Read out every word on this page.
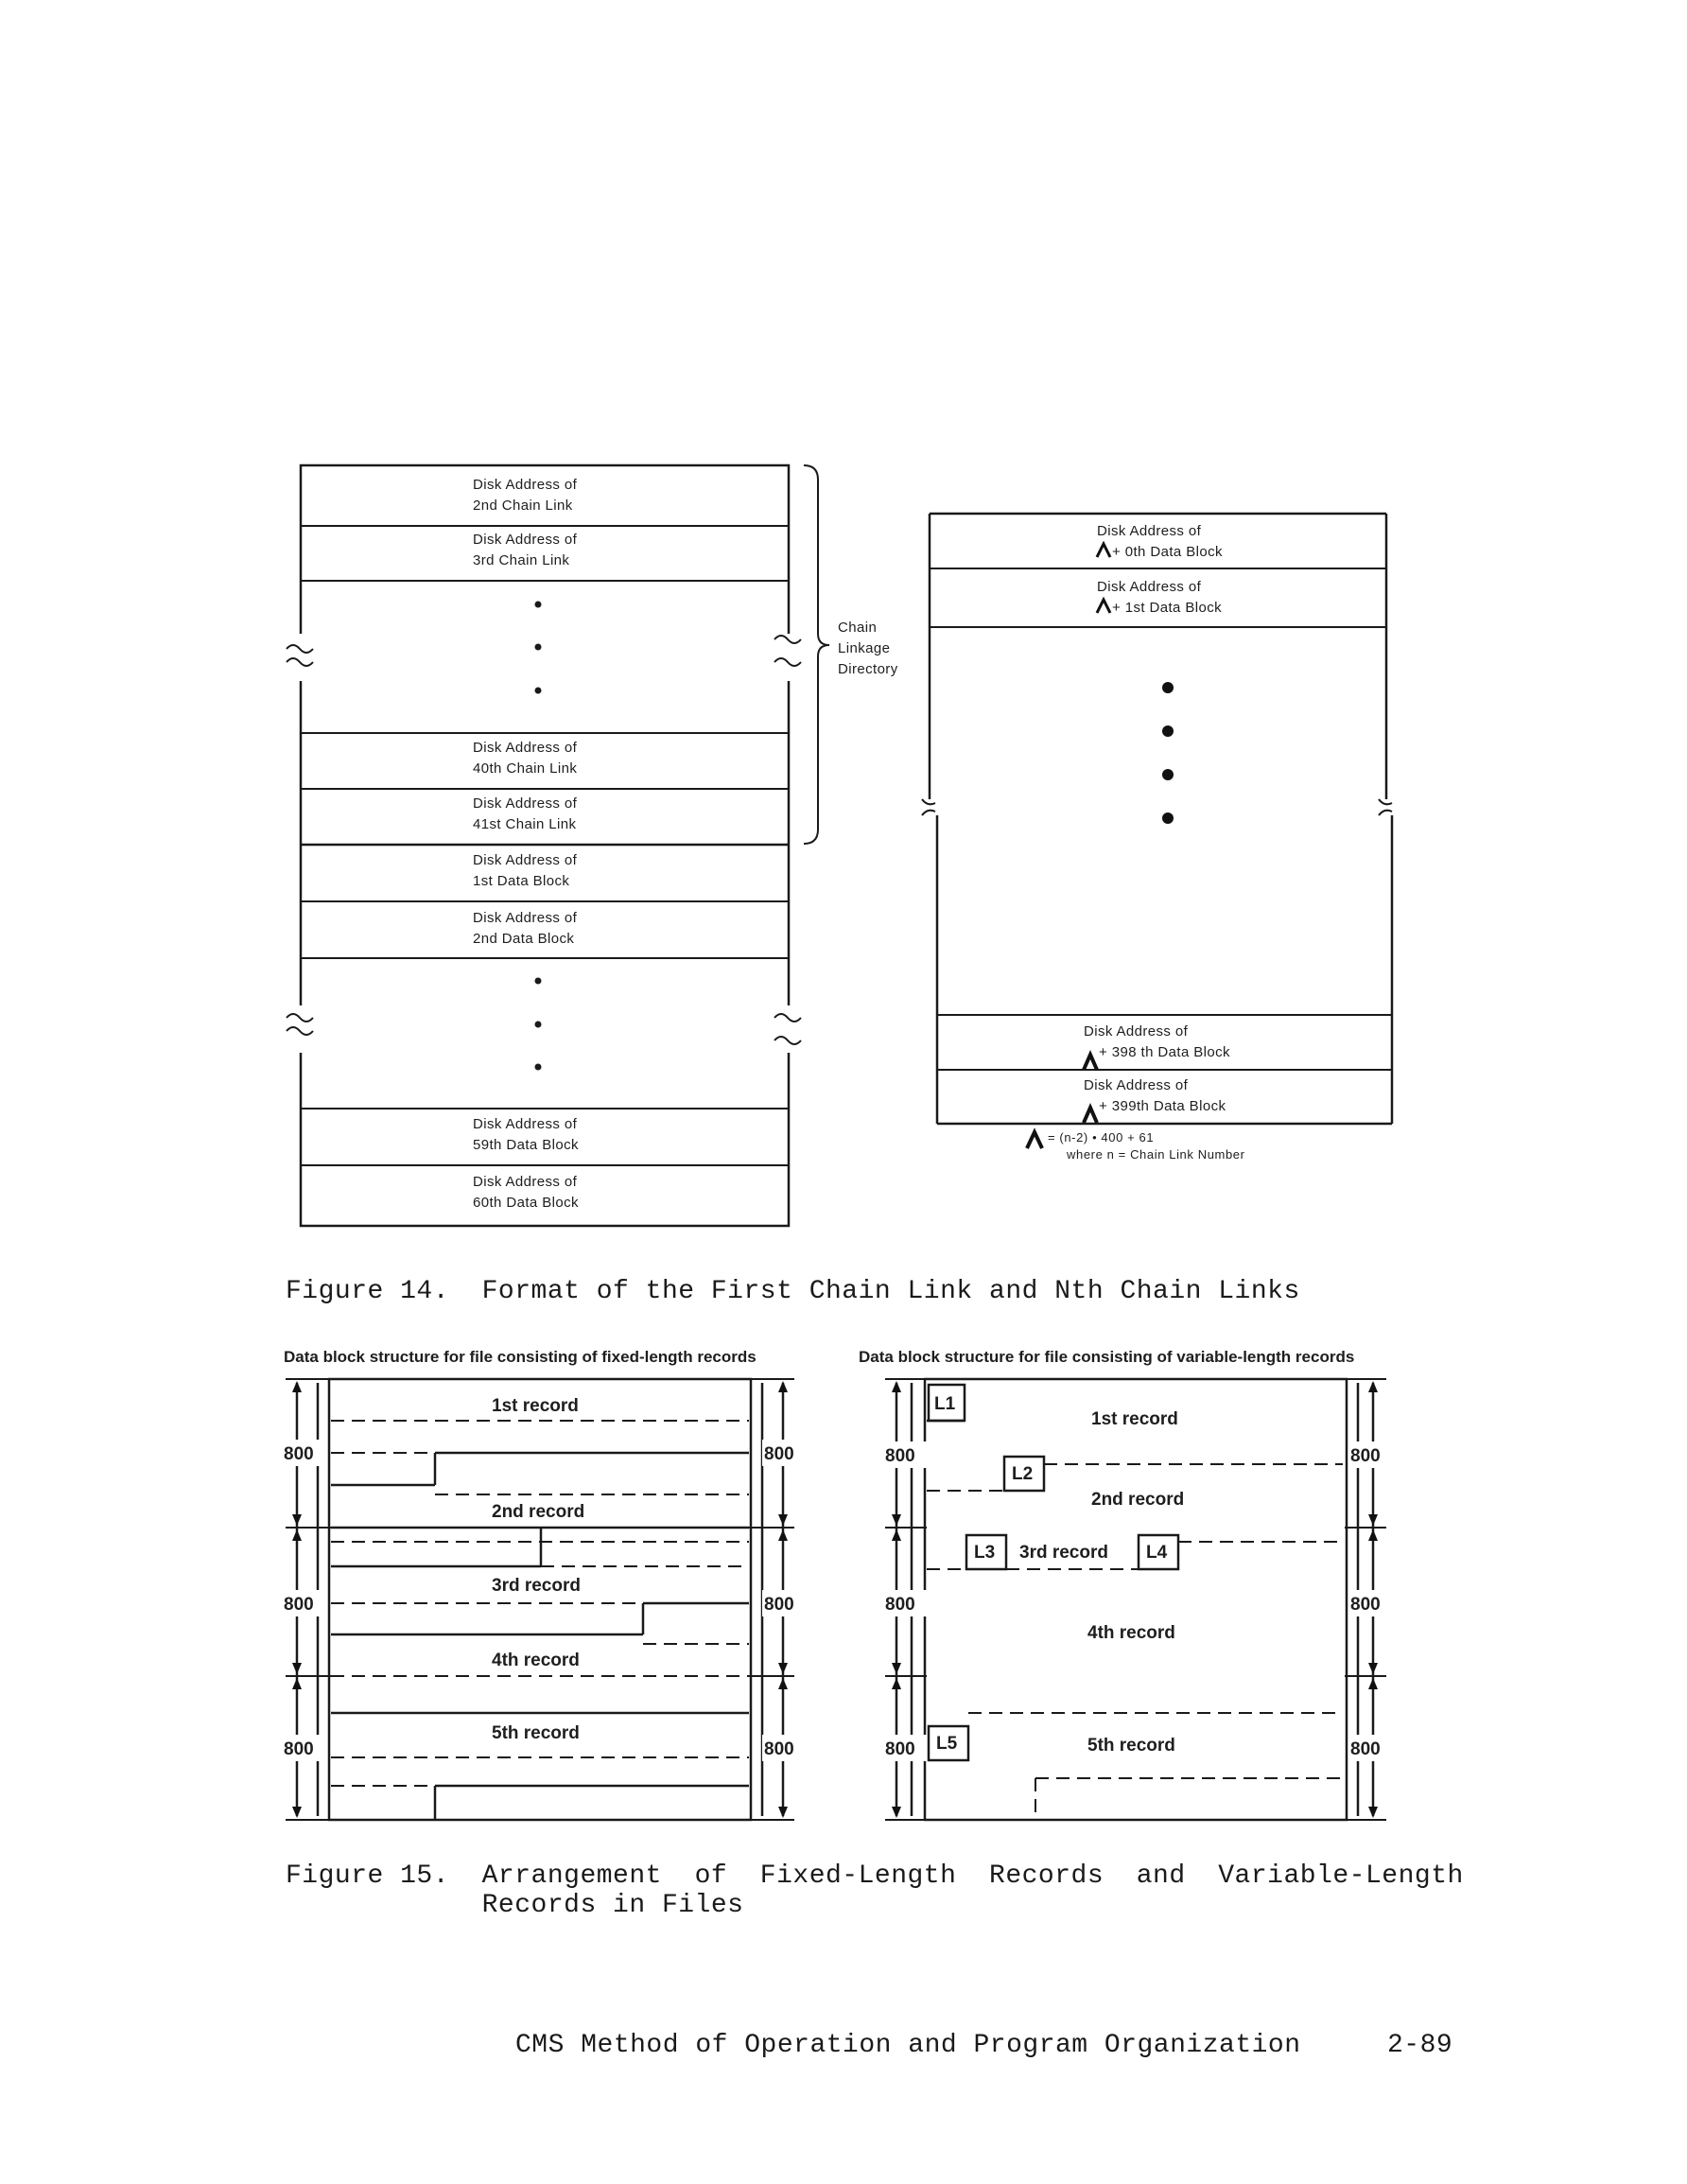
Disk Address of
2nd Chain Link
Disk Address of
3rd Chain Link
Disk Address of
40th Chain Link
Disk Address of
41st Chain Link
Disk Address of
1st Data Block
Disk Address of
2nd Data Block
Disk Address of
59th Data Block
Disk Address of
60th Data Block
Chain
Linkage
Directory
Disk Address of
+ 0th Data Block
Disk Address of
+ 1st Data Block
Disk Address of
+ 398 th Data Block
Disk Address of
+ 399th Data Block
= (n-2) • 400 + 61
where n = Chain Link Number
Figure 14.  Format of the First Chain Link and Nth Chain Links
Data block structure for file consisting of fixed-length records	Data block structure for file consisting of variable-length records
800
800
800
800
800
800
1st record
2nd record
3rd record
4th record
5th record
800
800
800
800
800
800
L1
L2
L3	L4
L5
1st record
2nd record
3rd record
4th record
5th record
Figure 15.  Arrangement  of  Fixed-Length  Records  and  Variable-Length
Records in Files
CMS Method of Operation and Program Organization	2-89
